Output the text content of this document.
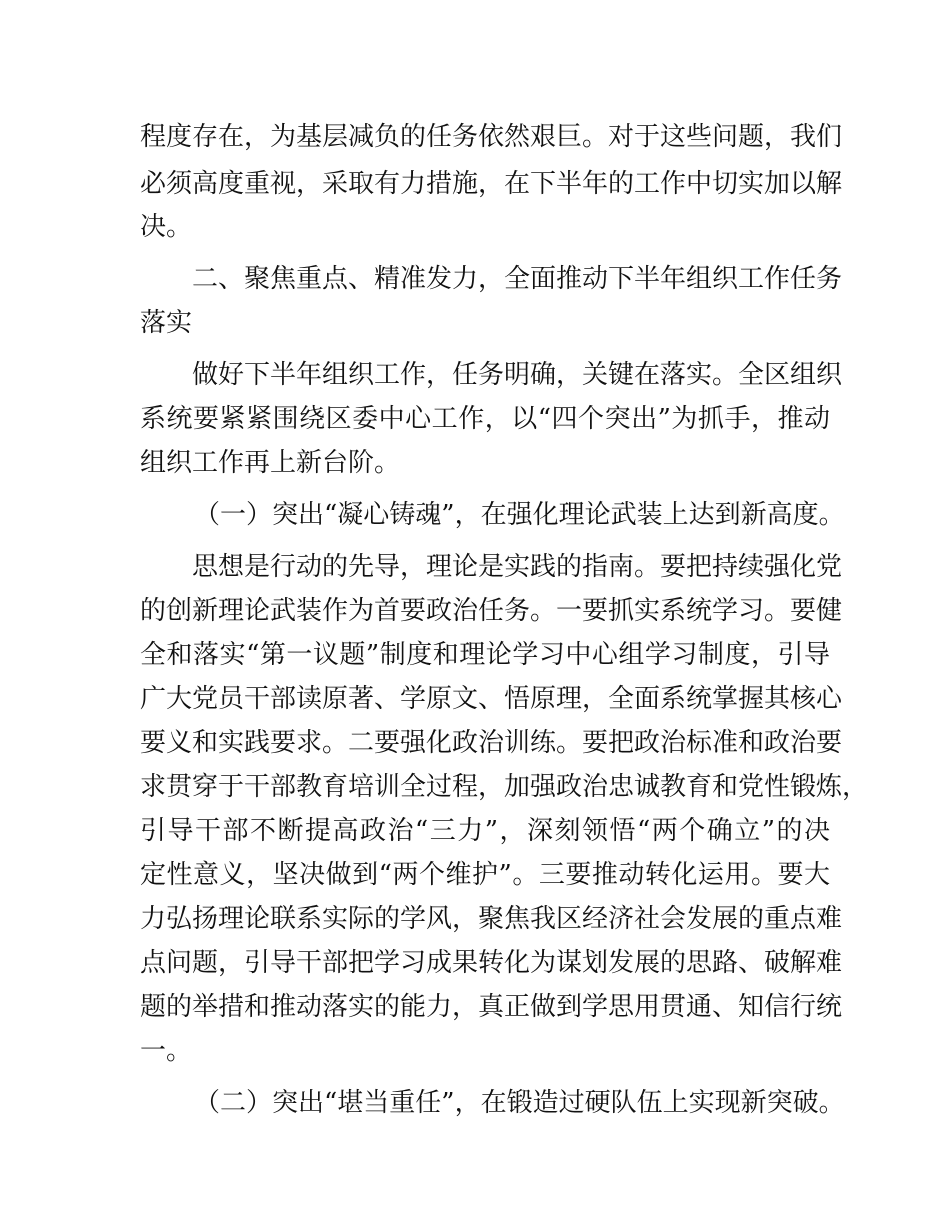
程度存在，为基层减负的任务依然艰巨。对于这些问题，我们
必须高度重视，采取有力措施，在下半年的工作中切实加以解
决。
二、聚焦重点、精准发力，全面推动下半年组织工作任务
落实
做好下半年组织工作，任务明确，关键在落实。全区组织
系统要紧紧围绕区委中心工作，以“四个突出”为抓手，推动
组织工作再上新台阶。
（一）突出“凝心铸魂”，在强化理论武装上达到新高度。
思想是行动的先导，理论是实践的指南。要把持续强化党
的创新理论武装作为首要政治任务。一要抓实系统学习。要健
全和落实“第一议题”制度和理论学习中心组学习制度，引导
广大党员干部读原著、学原文、悟原理，全面系统掌握其核心
要义和实践要求。二要强化政治训练。要把政治标准和政治要
求贯穿于干部教育培训全过程，加强政治忠诚教育和党性锻炼，
引导干部不断提高政治“三力”，深刻领悟“两个确立”的决
定性意义，坚决做到“两个维护”。三要推动转化运用。要大
力弘扬理论联系实际的学风，聚焦我区经济社会发展的重点难
点问题，引导干部把学习成果转化为谋划发展的思路、破解难
题的举措和推动落实的能力，真正做到学思用贯通、知信行统
一。
（二）突出“堪当重任”，在锻造过硬队伍上实现新突破。
